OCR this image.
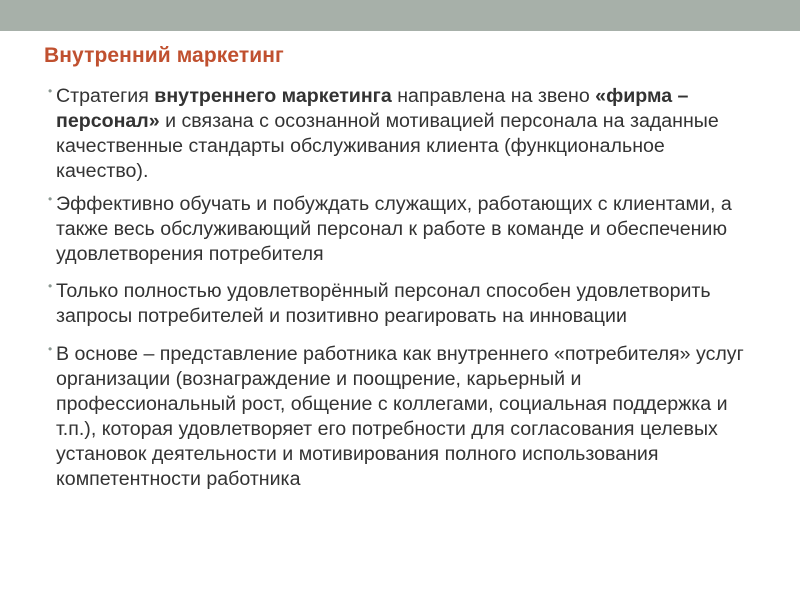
Внутренний маркетинг
• Стратегия внутреннего маркетинга направлена на звено «фирма – персонал» и связана с осознанной мотивацией персонала на заданные качественные стандарты обслуживания клиента (функциональное качество).
• Эффективно обучать и побуждать служащих, работающих с клиентами, а также весь обслуживающий персонал к работе в команде и обеспечению удовлетворения потребителя
• Только полностью удовлетворённый персонал способен удовлетворить запросы потребителей и позитивно реагировать на инновации
• В основе – представление работника как внутреннего «потребителя» услуг организации (вознаграждение и поощрение, карьерный и профессиональный рост, общение с коллегами, социальная поддержка и т.п.), которая удовлетворяет его потребности для согласования целевых установок деятельности и мотивирования полного использования компетентности работника
